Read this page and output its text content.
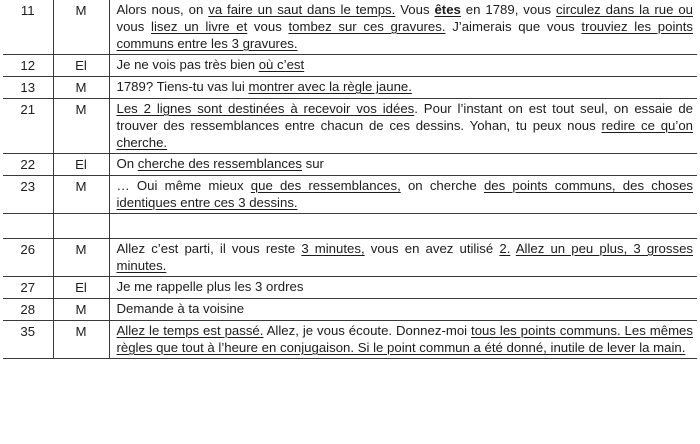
11	M	Alors nous, on va faire un saut dans le temps. Vous êtes en 1789, vous circulez dans la rue ou vous lisez un livre et vous tombez sur ces gravures. J’aimerais que vous trouviez les points communs entre les 3 gravures.
12	El	Je ne vois pas très bien où c’est
13	M	1789? Tiens-tu vas lui montrer avec la règle jaune.
21	M	Les 2 lignes sont destinées à recevoir vos idées. Pour l’instant on est tout seul, on essaie de trouver des ressemblances entre chacun de ces dessins. Yohan, tu peux nous redire ce qu’on cherche.
22	El	On cherche des ressemblances sur
23	M	… Oui même mieux que des ressemblances, on cherche des points communs, des choses identiques entre ces 3 dessins.

26	M	Allez c’est parti, il vous reste 3 minutes, vous en avez utilisé 2. Allez un peu plus, 3 grosses minutes.
27	El	Je me rappelle plus les 3 ordres
28	M	Demande à ta voisine
35	M	Allez le temps est passé. Allez, je vous écoute. Donnez-moi tous les points communs. Les mêmes règles que tout à l’heure en conjugaison. Si le point commun a été donné, inutile de lever la main.
